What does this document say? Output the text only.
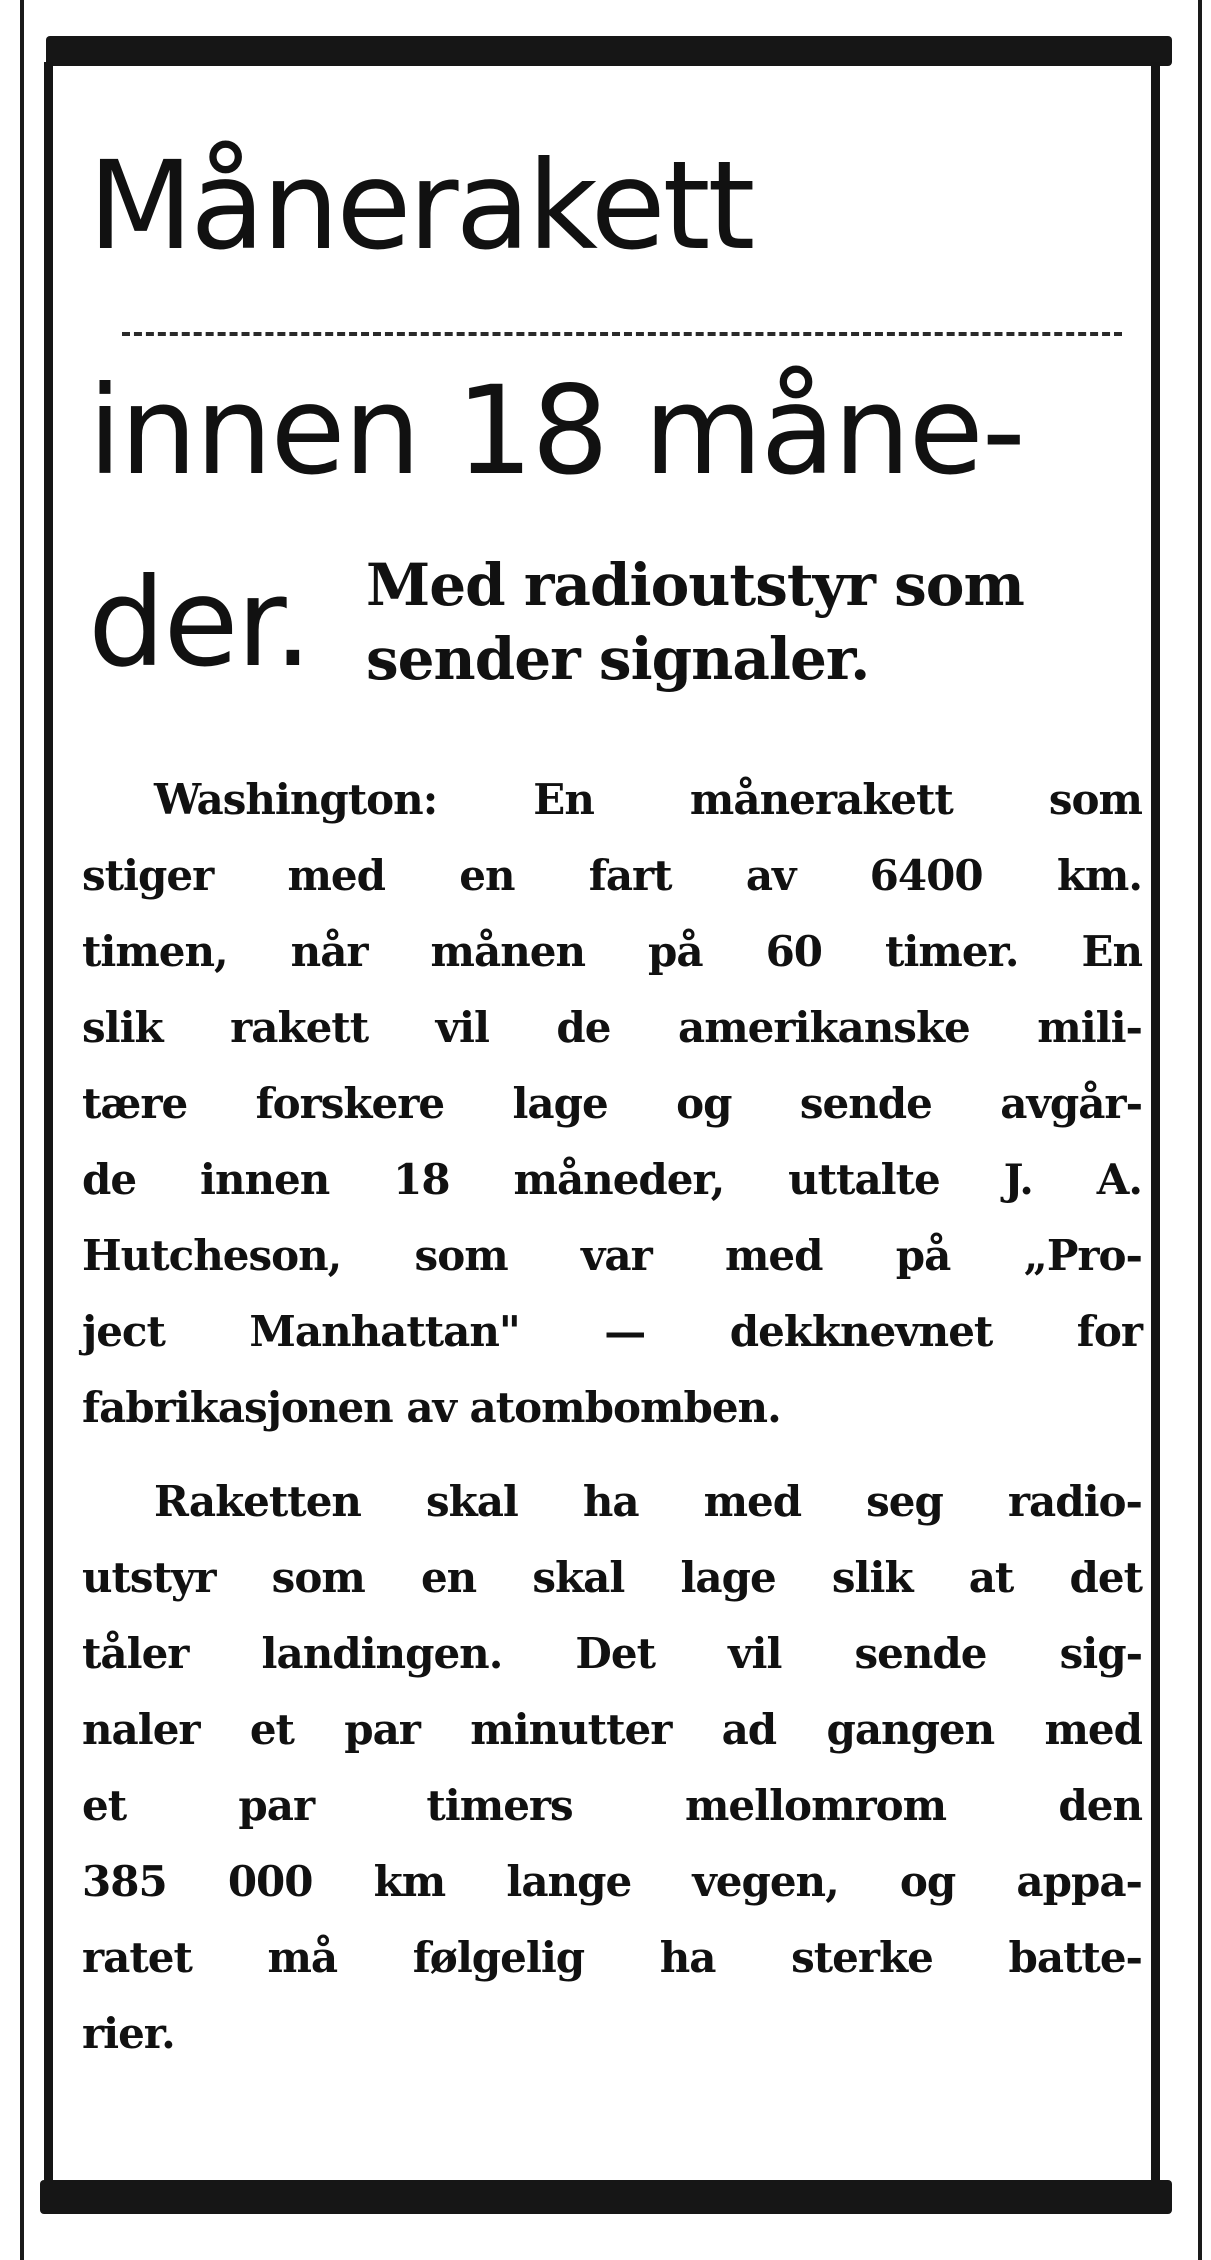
Månerakett
innen 18 måne-
der. Med radioutstyr som
sender signaler.

Washington: En månerakett som
stiger med en fart av 6400 km.
timen, når månen på 60 timer. En
slik rakett vil de amerikanske mili-
tære forskere lage og sende avgår-
de innen 18 måneder, uttalte J. A.
Hutcheson, som var med på „Pro-
ject Manhattan" — dekknevnet for
fabrikasjonen av atombomben.

Raketten skal ha med seg radio-
utstyr som en skal lage slik at det
tåler landingen. Det vil sende sig-
naler et par minutter ad gangen med
et par timers mellomrom den
385 000 km lange vegen, og appa-
ratet må følgelig ha sterke batte-
rier.
